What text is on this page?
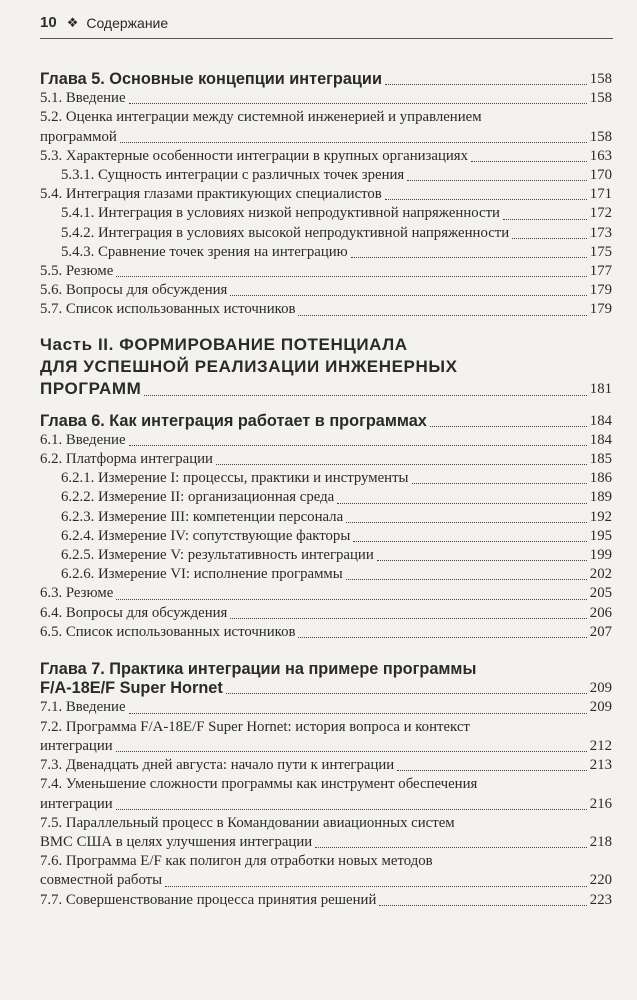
10 ❖ Содержание
Глава 5. Основные концепции интеграции	158
5.1. Введение	158
5.2. Оценка интеграции между системной инженерией и управлением
программой	158
5.3. Характерные особенности интеграции в крупных организациях	163
5.3.1. Сущность интеграции с различных точек зрения	170
5.4. Интеграция глазами практикующих специалистов	171
5.4.1. Интеграция в условиях низкой непродуктивной напряженности	172
5.4.2. Интеграция в условиях высокой непродуктивной напряженности	173
5.4.3. Сравнение точек зрения на интеграцию	175
5.5. Резюме	177
5.6. Вопросы для обсуждения	179
5.7. Список использованных источников	179
Часть II. ФОРМИРОВАНИЕ ПОТЕНЦИАЛА
ДЛЯ УСПЕШНОЙ РЕАЛИЗАЦИИ ИНЖЕНЕРНЫХ
ПРОГРАММ	181
Глава 6. Как интеграция работает в программах	184
6.1. Введение	184
6.2. Платформа интеграции	185
6.2.1. Измерение I: процессы, практики и инструменты	186
6.2.2. Измерение II: организационная среда	189
6.2.3. Измерение III: компетенции персонала	192
6.2.4. Измерение IV: сопутствующие факторы	195
6.2.5. Измерение V: результативность интеграции	199
6.2.6. Измерение VI: исполнение программы	202
6.3. Резюме	205
6.4. Вопросы для обсуждения	206
6.5. Список использованных источников	207
Глава 7. Практика интеграции на примере программы
F/A-18E/F Super Hornet	209
7.1. Введение	209
7.2. Программа F/A-18E/F Super Hornet: история вопроса и контекст
интеграции	212
7.3. Двенадцать дней августа: начало пути к интеграции	213
7.4. Уменьшение сложности программы как инструмент обеспечения
интеграции	216
7.5. Параллельный процесс в Командовании авиационных систем
ВМС США в целях улучшения интеграции	218
7.6. Программа E/F как полигон для отработки новых методов
совместной работы	220
7.7. Совершенствование процесса принятия решений	223
